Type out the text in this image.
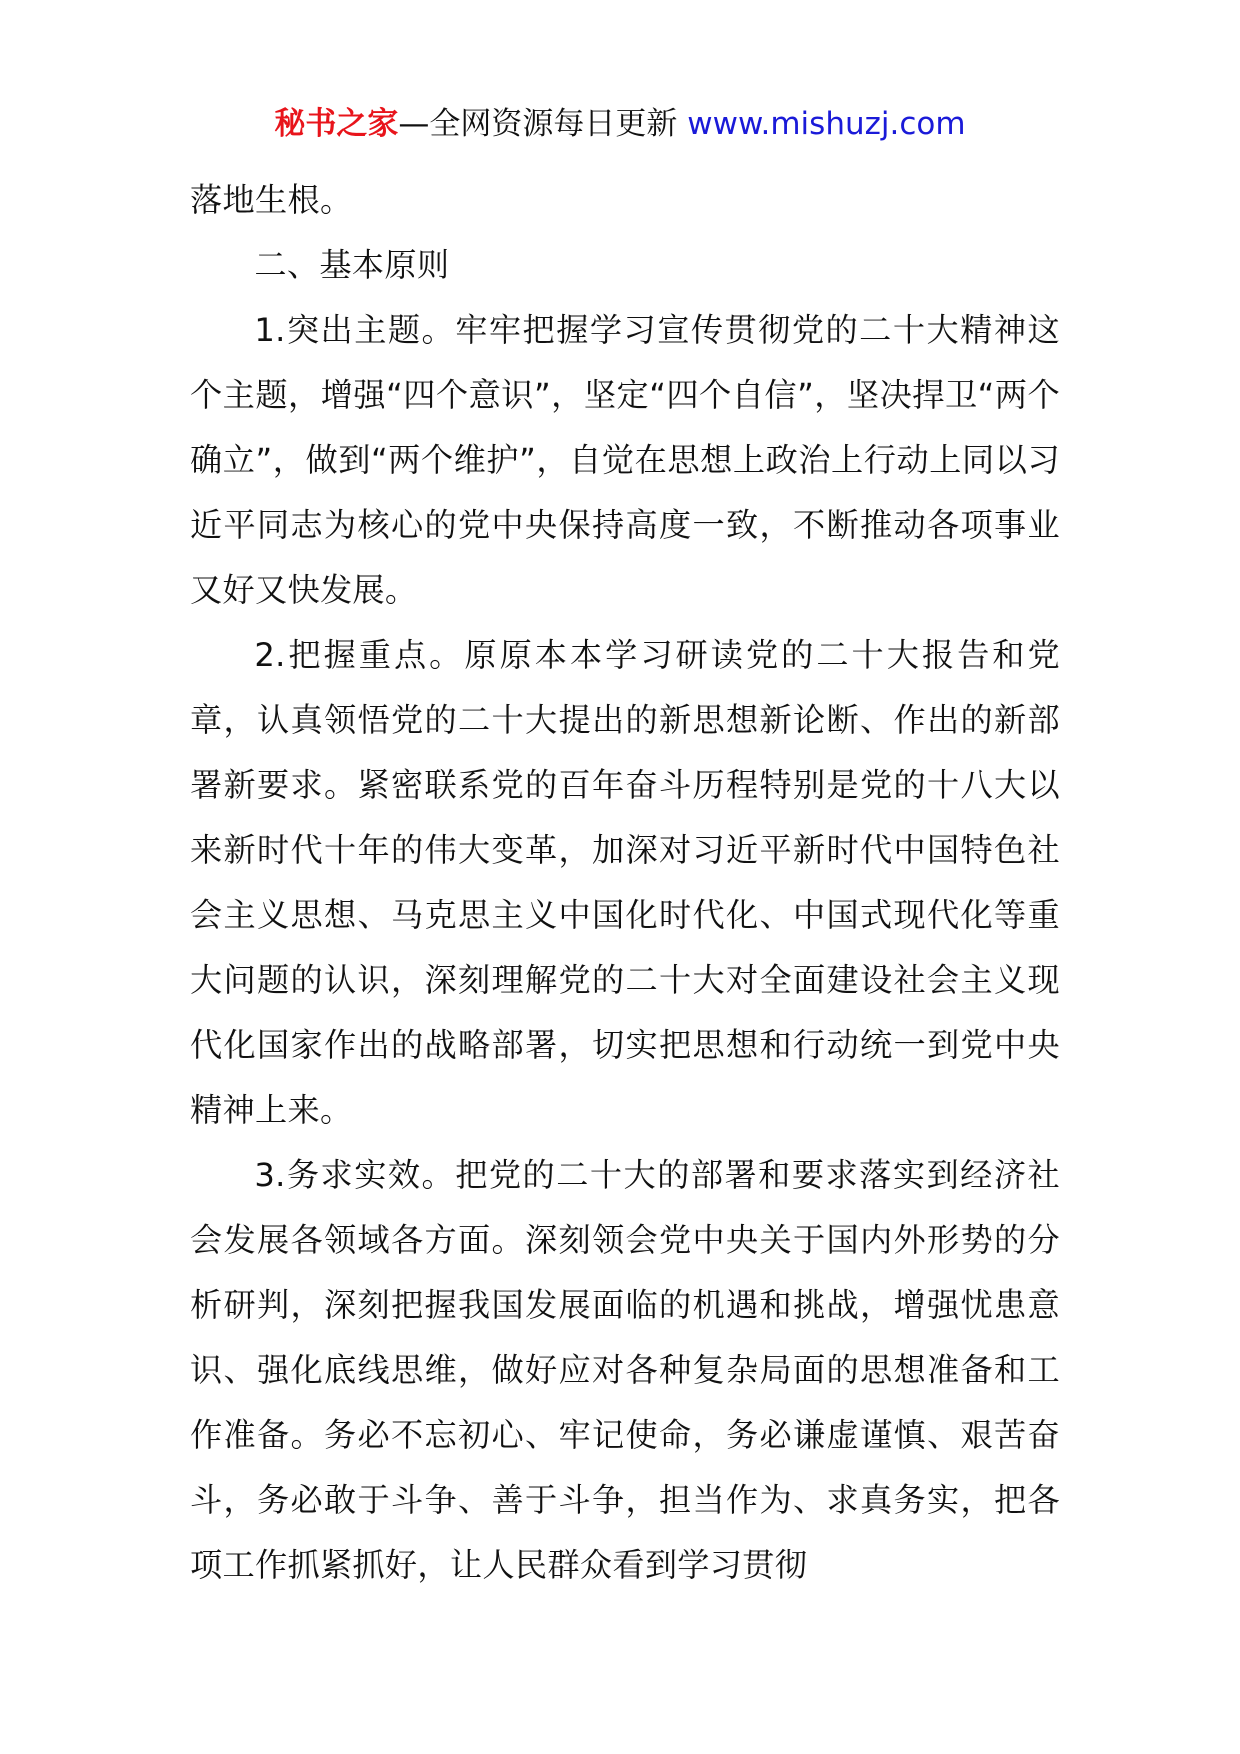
秘书之家—全网资源每日更新 www.mishuzj.com

落地生根。

二、基本原则

1.突出主题。牢牢把握学习宣传贯彻党的二十大精神这个主题，增强“四个意识”，坚定“四个自信”，坚决捍卫“两个确立”，做到“两个维护”，自觉在思想上政治上行动上同以习近平同志为核心的党中央保持高度一致，不断推动各项事业又好又快发展。

2.把握重点。原原本本学习研读党的二十大报告和党章，认真领悟党的二十大提出的新思想新论断、作出的新部署新要求。紧密联系党的百年奋斗历程特别是党的十八大以来新时代十年的伟大变革，加深对习近平新时代中国特色社会主义思想、马克思主义中国化时代化、中国式现代化等重大问题的认识，深刻理解党的二十大对全面建设社会主义现代化国家作出的战略部署，切实把思想和行动统一到党中央精神上来。

3.务求实效。把党的二十大的部署和要求落实到经济社会发展各领域各方面。深刻领会党中央关于国内外形势的分析研判，深刻把握我国发展面临的机遇和挑战，增强忧患意识、强化底线思维，做好应对各种复杂局面的思想准备和工作准备。务必不忘初心、牢记使命，务必谦虚谨慎、艰苦奋斗，务必敢于斗争、善于斗争，担当作为、求真务实，把各项工作抓紧抓好，让人民群众看到学习贯彻
